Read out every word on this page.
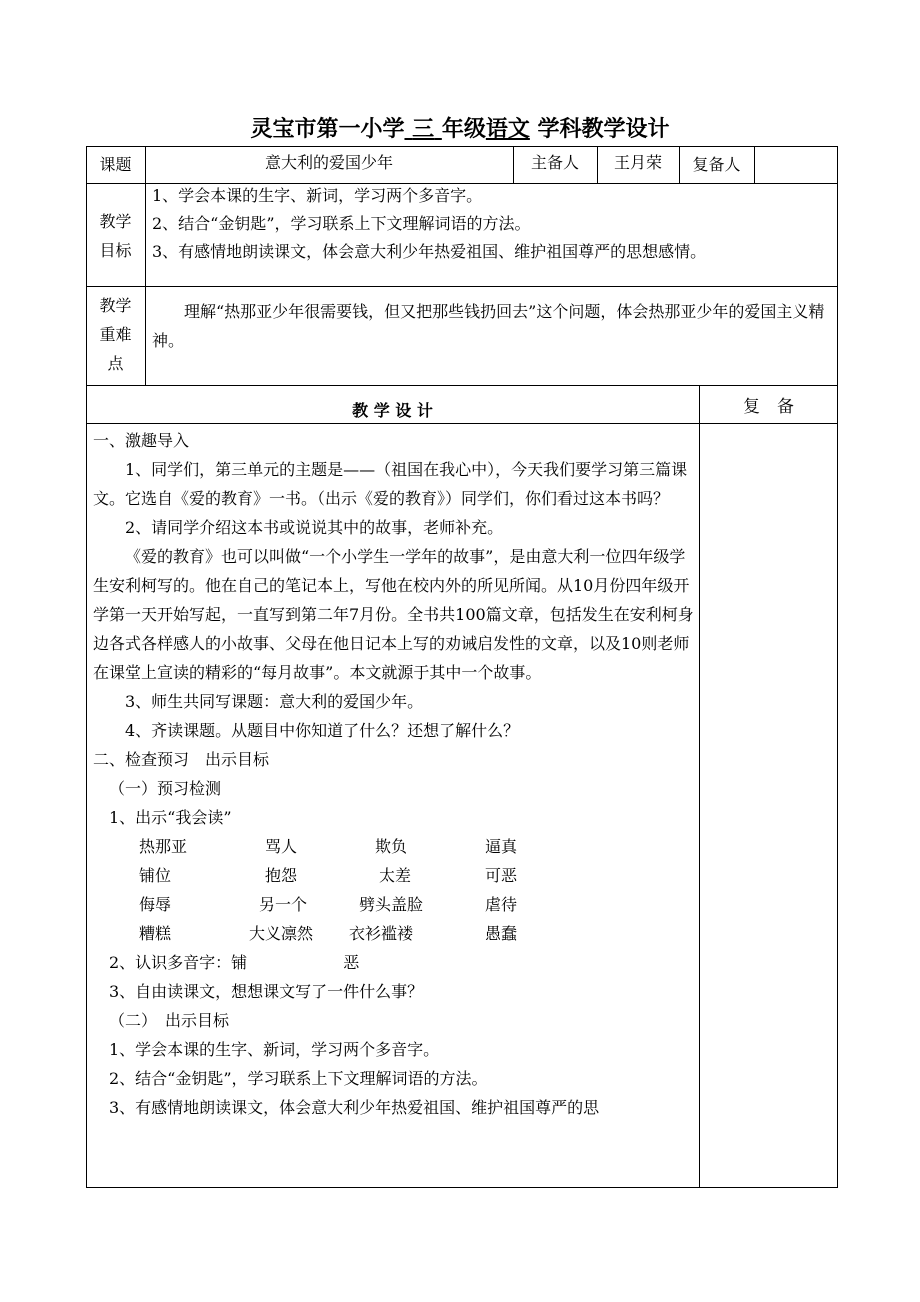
灵宝市第一小学 三 年级语文 学科教学设计
课题	意大利的爱国少年	主备人	王月荣	复备人
教学
目标
1、学会本课的生字、新词，学习两个多音字。
2、结合“金钥匙”，学习联系上下文理解词语的方法。
3、有感情地朗读课文，体会意大利少年热爱祖国、维护祖国尊严的思想感情。
教学
重难
点
理解“热那亚少年很需要钱，但又把那些钱扔回去”这个问题，体会热那亚少年的爱国主义精神。
教 学 设 计	复　备

一、激趣导入

1、同学们，第三单元的主题是——（祖国在我心中），今天我们要学习第三篇课文。它选自《爱的教育》一书。（出示《爱的教育》）同学们，你们看过这本书吗？

2、请同学介绍这本书或说说其中的故事，老师补充。

《爱的教育》也可以叫做“一个小学生一学年的故事”，是由意大利一位四年级学生安利柯写的。他在自己的笔记本上，写他在校内外的所见所闻。从10月份四年级开学第一天开始写起，一直写到第二年7月份。全书共100篇文章，包括发生在安利柯身边各式各样感人的小故事、父母在他日记本上写的劝诫启发性的文章，以及10则老师在课堂上宣读的精彩的“每月故事”。本文就源于其中一个故事。

3、师生共同写课题：意大利的爱国少年。

4、齐读课题。从题目中你知道了什么？还想了解什么？

二、检查预习　出示目标

（一）预习检测

1、出示“我会读”

热那亚	骂人	欺负	逼真
铺位	抱怨	太差	可恶
侮辱	另一个	劈头盖脸	虐待
糟糕	大义凛然	衣衫褴褛	愚蠢

2、认识多音字：铺	恶

3、自由读课文，想想课文写了一件什么事？

（二）　出示目标

1、学会本课的生字、新词，学习两个多音字。

2、结合“金钥匙”，学习联系上下文理解词语的方法。

3、有感情地朗读课文，体会意大利少年热爱祖国、维护祖国尊严的思
